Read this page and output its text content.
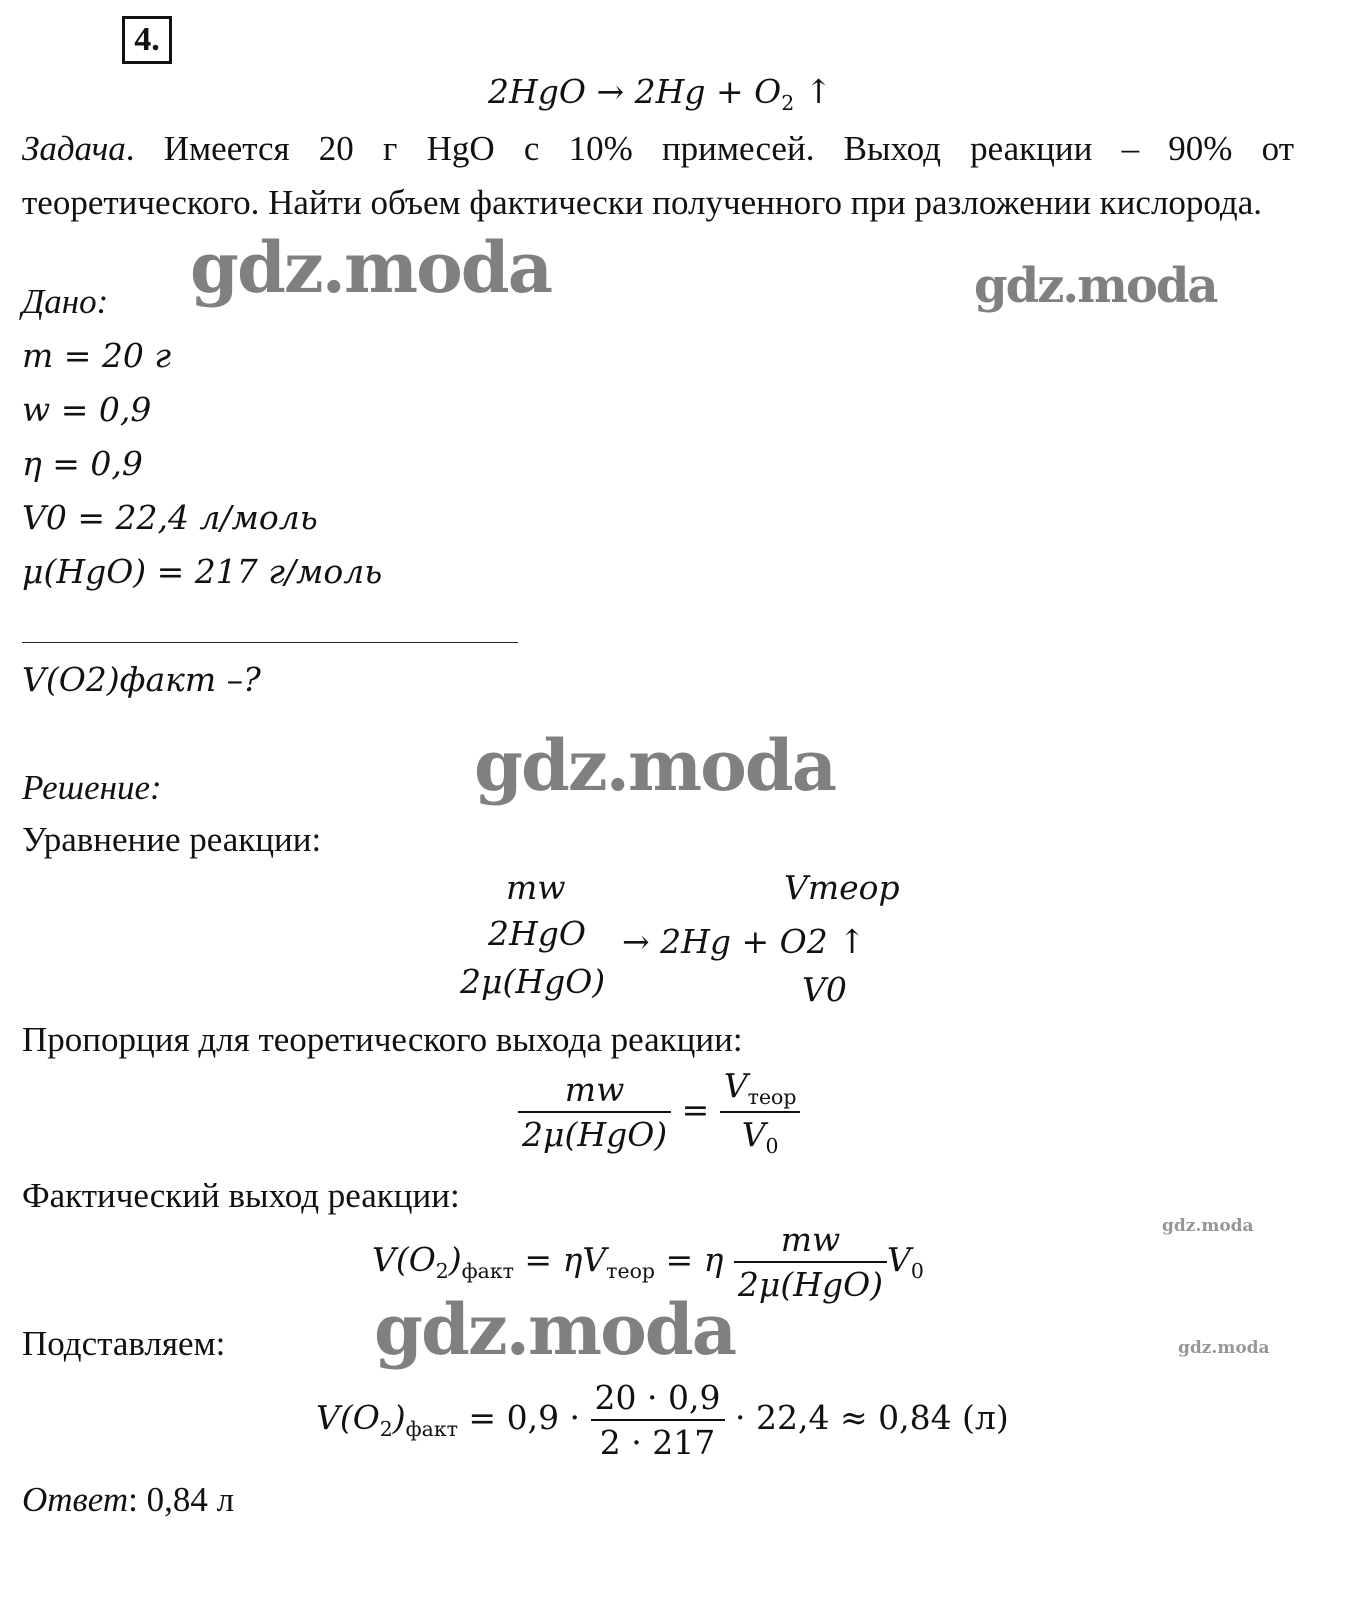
4.
$2HgO \to 2Hg + O_2$ ↑
Задача. Имеется 20 г HgO с 10% примесей. Выход реакции – 90% от теоретического. Найти объем фактически полученного при разложении кислорода.
Дано:
m = 20 г
w = 0,9
η = 0,9
V0 = 22,4 л/моль
μ(HgO) = 217 г/моль
V(O2)факт –?
Решение:
Уравнение реакции:
mw	Vтеор
2HgO → 2Hg + O2 ↑
2μ(HgO)	V0
Пропорция для теоретического выхода реакции:
$\frac{mw}{\text{2μ(HgO)}} = \frac{V_{теор}}{V_0}$
Фактический выход реакции:
$V(O_2)_{факт} = \eta V_{теор} = \eta \frac{mw}{\text{2μ(HgO)}} V_0$
Подставляем:
$V(O_2)_{факт} = 0,9 \cdot \frac{20 \cdot 0,9}{2 \cdot 217} \cdot 22,4 \approx 0,84$ (л)
Ответ: 0,84 л
gdz.moda	gdz.moda
gdz.moda
gdz.moda
gdz.moda
gdz.moda
